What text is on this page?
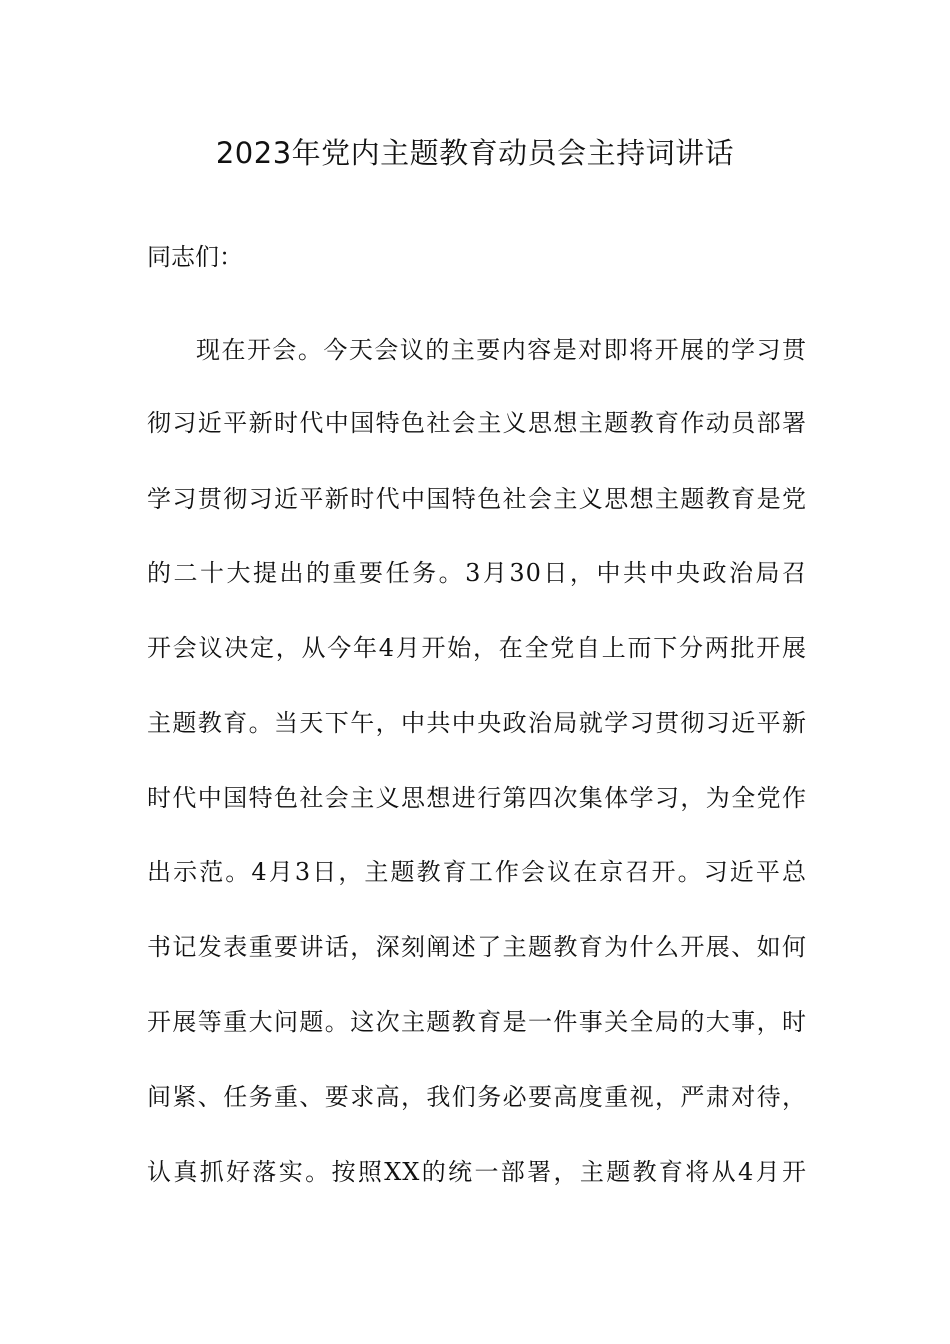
2023年党内主题教育动员会主持词讲话
同志们：
现在开会。今天会议的主要内容是对即将开展的学习贯
彻习近平新时代中国特色社会主义思想主题教育作动员部署
学习贯彻习近平新时代中国特色社会主义思想主题教育是党
的二十大提出的重要任务。3月30日，中共中央政治局召
开会议决定，从今年4月开始，在全党自上而下分两批开展
主题教育。当天下午，中共中央政治局就学习贯彻习近平新
时代中国特色社会主义思想进行第四次集体学习，为全党作
出示范。4月3日，主题教育工作会议在京召开。习近平总
书记发表重要讲话，深刻阐述了主题教育为什么开展、如何
开展等重大问题。这次主题教育是一件事关全局的大事，时
间紧、任务重、要求高，我们务必要高度重视，严肃对待，
认真抓好落实。按照XX的统一部署，主题教育将从4月开
